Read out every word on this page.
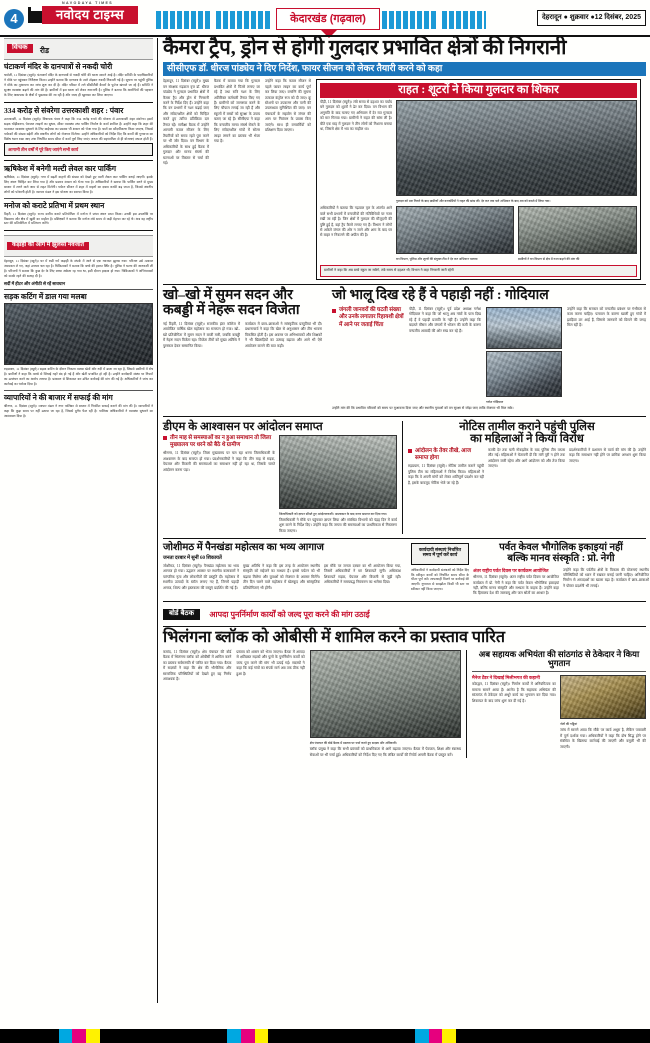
4
NAVODAYA TIMES
नवोदय टाइम्स
	केदारखंड (गढ़वाल)
	देहरादून ● शुक्रवार ●12 दिसंबर, 2025
विचक रीड
घंटाकर्ण मंदिर के दानपात्रों से नकदी चोरी
चमोली, 11 दिसंबर (ब्यूरो)। घंटाकर्ण मंदिर के दानपात्रों से नकदी चोरी की घटना सामने आई है। मंदिर समिति के पदाधिकारियों ने मौके पर पहुंचकर निरीक्षण किया। उन्होंने बताया कि दानपात्र के ताले तोड़कर नकदी निकाली गई है। सूचना पर पहुंची पुलिस ने मौके का मुआयना कर जांच शुरू कर दी है। मंदिर परिसर में लगे सीसीटीवी कैमरों के फुटेज खंगाले जा रहे हैं। समिति ने सुरक्षा व्यवस्था बढ़ाने की मांग की है। ग्रामीणों में इस घटना को लेकर नाराजगी है। पुलिस ने बताया कि आरोपियों की पहचान के लिए आसपास के क्षेत्रों में पूछताछ की जा रही है और जल्द ही खुलासा कर लिया जाएगा।
334 करोड़ से संवरेगा उत्तरकाशी शहर : पंवार
उत्तरकाशी, 11 दिसंबर (ब्यूरो)। विधायक पंवार ने कहा कि 334 करोड़ रुपये की योजना से उत्तरकाशी शहर संवरेगा। इसमें सड़क चौड़ीकरण, पेयजल लाइनों का सुधार, सीवर व्यवस्था तथा पार्किंग निर्माण के कार्य शामिल हैं। उन्होंने कहा कि शहर की यातायात व्यवस्था सुधारने के लिए बाईपास का प्रस्ताव भी शासन को भेजा गया है। घाटों का सौंदर्यीकरण किया जाएगा, जिससे पर्यटकों की संख्या बढ़ेगी और स्थानीय लोगों को रोजगार मिलेगा। उन्होंने अधिकारियों को निर्देश दिए कि कार्यों की गुणवत्ता का विशेष ध्यान रखा जाए तथा निर्धारित समय सीमा में कार्य पूर्ण किए जाएं। जनता की सहभागिता से ही योजनाएं सफल होती हैं।
आगामी तीन वर्षों में पूरे किए जाएंगे सभी कार्य
ऋषिकेश में बनेगी मल्टी लेवल कार पार्किंग
ऋषिकेश, 11 दिसंबर (ब्यूरो)। नगर में बढ़ती वाहनों की संख्या को देखते हुए मल्टी लेवल कार पार्किंग बनाई जाएगी। इसके लिए स्थान चिन्हित कर लिया गया है और प्रस्ताव शासन को भेजा गया है। अधिकारियों ने बताया कि पार्किंग बनने से मुख्य बाजार में लगने वाले जाम से राहत मिलेगी। पर्यटन सीजन में शहर में वाहनों का दबाव काफी बढ़ जाता है, जिससे स्थानीय लोगों को परेशानी होती है। व्यापार मंडल ने इस योजना का स्वागत किया है।
मनोज को कराटे प्रतिभा में प्रथम स्थान
टिहरी, 11 दिसंबर (ब्यूरो)। राज्य स्तरीय कराटे प्रतियोगिता में मनोज ने प्रथम स्थान प्राप्त किया। उनकी इस उपलब्धि पर विद्यालय और क्षेत्र में खुशी का माहौल है। प्रशिक्षकों ने बताया कि मनोज लंबे समय से कड़ी मेहनत कर रहे थे। अब वह राष्ट्रीय स्तर की प्रतियोगिता में प्रतिभाग करेंगे।
कड़ाही की आग में झुलसा नवजात
देहरादून, 11 दिसंबर (ब्यूरो)। घर में रखी गर्म कड़ाही के संपर्क में आने से एक नवजात झुलस गया। परिजन उसे तत्काल अस्पताल ले गए, जहां उपचार चल रहा है। चिकित्सकों ने बताया कि बच्चे की हालत स्थिर है। पुलिस ने घटना की जानकारी ली है। परिजनों ने बताया कि कुछ देर के लिए बच्चा अकेला रह गया था, इसी दौरान हादसा हो गया। चिकित्सकों ने अभिभावकों को सतर्क रहने की सलाह दी है।
सर्दी में हीटर और अंगीठी से रहें सावधान
सड़क कटिंग में डाल गया मलबा
रुद्रप्रयाग, 11 दिसंबर (ब्यूरो)। सड़क कटिंग के दौरान निकला मलबा खेतों और नदी में डाला जा रहा है, जिससे ग्रामीणों में रोष है। ग्रामीणों ने कहा कि मलबे से सिंचाई नहरें बंद हो गई हैं और खेती प्रभावित हो रही है। उन्होंने कार्यदायी संस्था पर नियमों का उल्लंघन करने का आरोप लगाया है। प्रशासन से शिकायत कर उचित कार्रवाई की मांग की गई है। अधिकारियों ने जांच कर कार्रवाई का भरोसा दिया है।
व्यापारियों ने की बाजार में सफाई की मांग
श्रीनगर, 11 दिसंबर (ब्यूरो)। व्यापार मंडल ने नगर पालिका से बाजार में नियमित सफाई कराने की मांग की है। व्यापारियों ने कहा कि कूड़ा समय पर नहीं उठाया जा रहा है, जिससे दुर्गंध फैल रही है। पालिका अधिकारियों ने व्यवस्था सुधारने का आश्वासन दिया है।
कैमरा ट्रैप, ड्रोन से होगी गुलदार प्रभावित क्षेत्रों की निगरानी
सीसीएफ डॉ. धीरज पांड्येय ने दिए निर्देश, फायर सीजन को लेकर तैयारी करने को कहा
देहरादून, 11 दिसंबर (ब्यूरो)। मुख्य वन संरक्षक गढ़वाल वृत्त डॉ. धीरज पांड्येय ने गुलदार प्रभावित क्षेत्रों में कैमरा ट्रैप और ड्रोन से निगरानी करने के निर्देश दिए हैं। उन्होंने कहा कि वन प्रभागों में गश्त बढ़ाई जाए और संवेदनशील क्षेत्रों को चिन्हित करते हुए त्वरित प्रतिक्रिया दल तैनात रहें। समीक्षा बैठक में उन्होंने आगामी फायर सीजन के लिए तैयारियों को समय रहते पूरा करने पर भी जोर दिया। वन विभाग के अधिकारियों के साथ हुई बैठक में गुलदार और मानव संघर्ष की घटनाओं पर विस्तार से चर्चा की गई।
बैठक में बताया गया कि गुलदार प्रभावित क्षेत्रों में पिंजरे लगाए जा रहे हैं तथा रात्रि गश्त के लिए अतिरिक्त कर्मचारी तैनात किए गए हैं। ग्रामीणों को जागरूक करने के लिए चौपाल लगाई जा रही हैं और स्कूलों में बच्चों को सुरक्षा के उपाय बताए जा रहे हैं। सीसीएफ ने कहा कि वन्यजीव मानव संघर्ष रोकने के लिए संवेदनशील गांवों में सोलर लाइट लगाने का प्रस्ताव भी भेजा गया है।
उन्होंने कहा कि फायर सीजन से पहले फायर लाइन का कार्य पूर्ण कर लिया जाए। वनाग्नि की सूचना तत्काल कंट्रोल रूम को दी जाए। क्रू स्टेशनों पर उपकरण और पानी की उपलब्धता सुनिश्चित की जाए। वन पंचायतों के सहयोग से जंगल की आग पर नियंत्रण के प्रयास किए जाएंगे। साथ ही वनकर्मियों को प्रशिक्षण दिया जाएगा।
राहत : शूटरों ने किया गुलदार का शिकार
पौड़ी, 11 दिसंबर (ब्यूरो)। लंबे समय से दहशत का पर्याय बने गुलदार को शूटरों ने ढेर कर दिया। वन विभाग की अनुमति के बाद चलाए गए अभियान में देर रात गुलदार को मार गिराया गया। ग्रामीणों ने राहत की सांस ली है। बीते एक माह में गुलदार ने तीन लोगों को निशाना बनाया था, जिससे क्षेत्र में भय का माहौल था।
गुलदार को मार गिराने के बाद ग्रामीणों और वनकर्मियों ने राहत की सांस ली। देर रात तक चले अभियान के बाद शव को कब्जे में लिया गया।
अधिकारियों ने बताया कि गढ़वाल वृत्त के अंतर्गत आने वाले सभी प्रभागों में वन्यजीवों की गतिविधियों पर नजर रखी जा रही है। जिन क्षेत्रों में गुलदार की मौजूदगी की पुष्टि हुई है, वहां ट्रैप कैमरे लगाए गए हैं। विभाग ने लोगों से अकेले जंगल की ओर न जाने और शाम के बाद घर से बाहर न निकलने की अपील की है।
वन विभाग, पुलिस और शूटरों की संयुक्त टीम ने देर रात अभियान चलाया	ग्रामीणों ने वन विभाग से क्षेत्र में गश्त बढ़ाने की मांग की
ग्रामीणों ने कहा कि अब बच्चे स्कूल जा सकेंगे, लंबे समय से दहशत थी; विभाग ने कहा निगरानी जारी रहेगी
खो–खो में सुमन सदन और कबड्डी में नेहरू सदन विजेता
नई टिहरी, 11 दिसंबर (ब्यूरो)। राजकीय इंटर कॉलेज में आयोजित वार्षिक खेल महोत्सव का समापन हो गया। खो–खो प्रतियोगिता में सुमन सदन ने बाजी मारी, जबकि कबड्डी में नेहरू सदन विजेता रहा। विजेता टीमों को मुख्य अतिथि ने पुरस्कार देकर सम्मानित किया।
कार्यक्रम में छात्र–छात्राओं ने सांस्कृतिक प्रस्तुतियां भी दीं। प्रधानाचार्य ने कहा कि खेल से अनुशासन और टीम भावना विकसित होती है। इस अवसर पर अभिभावकों और शिक्षकों ने भी खिलाड़ियों का उत्साह बढ़ाया और आगे भी ऐसे आयोजन कराने की बात कही।
जो भालू दिख रहे हैं वे पहाड़ी नहीं : गोदियाल
जंगली जानवरों की घटती संख्या और उनके लगातार रिहायशी क्षेत्रों में आने पर जताई चिंता
पौड़ी, 11 दिसंबर (ब्यूरो)। पूर्व प्रदेश अध्यक्ष गणेश गोदियाल ने कहा कि जो भालू अब गांवों के पास दिख रहे हैं वे पहाड़ी प्रजाति के नहीं हैं। उन्होंने कहा कि बदलते मौसम और जंगलों में भोजन की कमी के कारण वन्यजीव आबादी की ओर रुख कर रहे हैं।
गणेश गोदियाल
उन्होंने कहा कि सरकार को वन्यजीव प्रबंधन पर गंभीरता से काम करना चाहिए। पलायन के कारण खाली हुए गांवों में झाड़ियां उग आई हैं, जिससे जानवरों को छिपने की जगह मिल रही है।
उन्होंने मांग की कि प्रभावित परिवारों को समय पर मुआवजा दिया जाए और स्थानीय युवाओं को वन सुरक्षा से जोड़ा जाए ताकि रोजगार भी मिल सके।
डीएम के आश्वासन पर आंदोलन समाप्त
तीन माह से समस्याओं का न हुआ समाधान तो जिला मुख्यालय पर धरने को बैठे थे ग्रामीण
श्रीनगर, 11 दिसंबर (ब्यूरो)। जिला मुख्यालय पर चल रहा धरना जिलाधिकारी के आश्वासन के बाद समाप्त हो गया। प्रदर्शनकारियों ने कहा कि तीन माह से सड़क, पेयजल और बिजली की समस्याओं का समाधान नहीं हो रहा था, जिसके चलते आंदोलन करना पड़ा।
जिलाधिकारी को ज्ञापन सौंपते हुए आंदोलनकारी। आश्वासन के बाद धरना समाप्त कर दिया गया।
जिलाधिकारी ने मौके पर पहुंचकर ज्ञापन लिया और संबंधित विभागों को पंद्रह दिन में कार्य शुरू करने के निर्देश दिए। उन्होंने कहा कि जनता की समस्याओं का प्राथमिकता से निस्तारण किया जाएगा।
नोटिस तामील कराने पहुंची पुलिस
का महिलाओं ने किया विरोध
आंदोलन के तेवर तीखे, आज समाप्त होगा
रुद्रप्रयाग, 11 दिसंबर (ब्यूरो)। नोटिस तामील कराने पहुंची पुलिस टीम का महिलाओं ने विरोध किया। महिलाओं ने कहा कि वे अपनी मांगों को लेकर शांतिपूर्ण प्रदर्शन कर रही हैं, इसके बावजूद नोटिस भेजे जा रहे हैं।
काफी देर तक चली नोकझोंक के बाद पुलिस टीम वापस लौट गई। महिलाओं ने चेतावनी दी कि मांगें पूरी न होने तक आंदोलन जारी रहेगा और आगे आंदोलन को और तेज किया जाएगा।
प्रदर्शनकारियों ने प्रशासन से वार्ता की मांग की है। उन्होंने कहा कि समाधान नहीं होने पर क्रमिक अनशन शुरू किया जाएगा।
जोशीमठ में पैनखंडा महोत्सव का भव्य आगाज
जनता दरबार में सुनीं 60 शिकायतें
जोशीमठ, 11 दिसंबर (ब्यूरो)। पैनखंडा महोत्सव का भव्य आगाज हो गया। उद्घाटन अवसर पर स्थानीय कलाकारों ने पारंपरिक नृत्य और लोकगीतों की प्रस्तुति दी। महोत्सव में स्थानीय उत्पादों के स्टॉल लगाए गए हैं, जिनमें पहाड़ी अनाज, शिल्प और हस्तकला की वस्तुएं प्रदर्शित की गई हैं।
मुख्य अतिथि ने कहा कि इस तरह के आयोजन स्थानीय संस्कृति को सहेजने का माध्यम हैं। इससे पर्यटन को भी बढ़ावा मिलेगा और युवाओं को रोजगार के अवसर मिलेंगे। तीन दिन चलने वाले महोत्सव में खेलकूद और सांस्कृतिक प्रतियोगिताएं भी होंगी।
इस मौके पर जनता दरबार का भी आयोजन किया गया, जिसमें अधिकारियों ने 60 शिकायतें सुनीं। अधिकांश शिकायतें सड़क, पेयजल और बिजली से जुड़ी रहीं। अधिकारियों ने समयबद्ध निस्तारण का भरोसा दिया।
कार्यदायी संस्थाएं निर्धारित समय में पूर्ण करें कार्य
पर्वत केवल भौगोलिक इकाइयां नहीं
बल्कि मानव संस्कृति : प्रो. नेगी
अधिकारियों ने कार्यदायी संस्थाओं को निर्देश दिए कि स्वीकृत कार्यों को निर्धारित समय सीमा के भीतर पूर्ण करें। लापरवाही मिलने पर कार्रवाई की जाएगी। गुणवत्ता से समझौता किसी भी स्तर पर स्वीकार नहीं किया जाएगा।
अंतर राष्ट्रीय पर्वत दिवस पर कार्यक्रम आयोजित
श्रीनगर, 11 दिसंबर (ब्यूरो)। अंतर राष्ट्रीय पर्वत दिवस पर आयोजित कार्यक्रम में प्रो. नेगी ने कहा कि पर्वत केवल भौगोलिक इकाइयां नहीं, बल्कि मानव संस्कृति और सभ्यता के वाहक हैं। उन्होंने कहा कि हिमालय देश की जलवायु और जल स्रोतों का आधार है।
उन्होंने कहा कि पर्वतीय क्षेत्रों के विकास की योजनाएं स्थानीय परिस्थितियों को ध्यान में रखकर बनाई जानी चाहिए। अनियोजित निर्माण से आपदाओं का खतरा बढ़ा है। कार्यक्रम में छात्र–छात्राओं ने पोस्टर प्रदर्शनी भी लगाई।
बोर्ड बैठक आपदा पुनर्निर्माण कार्यों को जल्द पूरा करने की मांग उठाई
भिलंगना ब्लॉक को ओबीसी में शामिल करने का प्रस्ताव पारित
कमांद, 11 दिसंबर (ब्यूरो)। क्षेत्र पंचायत की बोर्ड बैठक में भिलंगना ब्लॉक को ओबीसी में शामिल करने का प्रस्ताव सर्वसम्मति से पारित कर दिया गया। बैठक में सदस्यों ने कहा कि क्षेत्र की भौगोलिक और सामाजिक परिस्थितियों को देखते हुए यह निर्णय आवश्यक है।
प्रस्ताव को शासन को भेजा जाएगा। बैठक में आपदा से क्षतिग्रस्त सड़कों और पुलों के पुनर्निर्माण कार्यों को जल्द पूरा करने की मांग भी उठाई गई। सदस्यों ने कहा कि कई गांवों का संपर्क मार्ग अब तक ठीक नहीं हुआ है।
क्षेत्र पंचायत की बोर्ड बैठक में प्रस्ताव पर चर्चा करते हुए सदस्य और अधिकारी।
ब्लॉक प्रमुख ने कहा कि सभी प्रस्तावों को प्राथमिकता से आगे बढ़ाया जाएगा। बैठक में पेयजल, शिक्षा और स्वास्थ्य सेवाओं पर भी चर्चा हुई। अधिकारियों को निर्देश दिए गए कि लंबित कार्यों की रिपोर्ट अगली बैठक में प्रस्तुत करें।
अब सहायक अभियंता की सांठगांठ से ठेकेदार ने किया भुगतान
मैनेज टेंडर ने दिखाई मिलीभगत की कहानी
कोटद्वार, 11 दिसंबर (ब्यूरो)। निर्माण कार्यों में अनियमितता का मामला सामने आया है। आरोप है कि सहायक अभियंता की सांठगांठ से ठेकेदार को अधूरे कार्य का भुगतान कर दिया गया। शिकायत के बाद जांच शुरू कर दी गई है।
नोटों की गड्डियां
जांच में सामने आया कि मौके पर कार्य अधूरा है, लेकिन पत्रावली में पूर्ण दर्शाया गया। अधिकारियों ने कहा कि दोष सिद्ध होने पर संबंधित के खिलाफ कार्रवाई की जाएगी और वसूली भी की जाएगी।
